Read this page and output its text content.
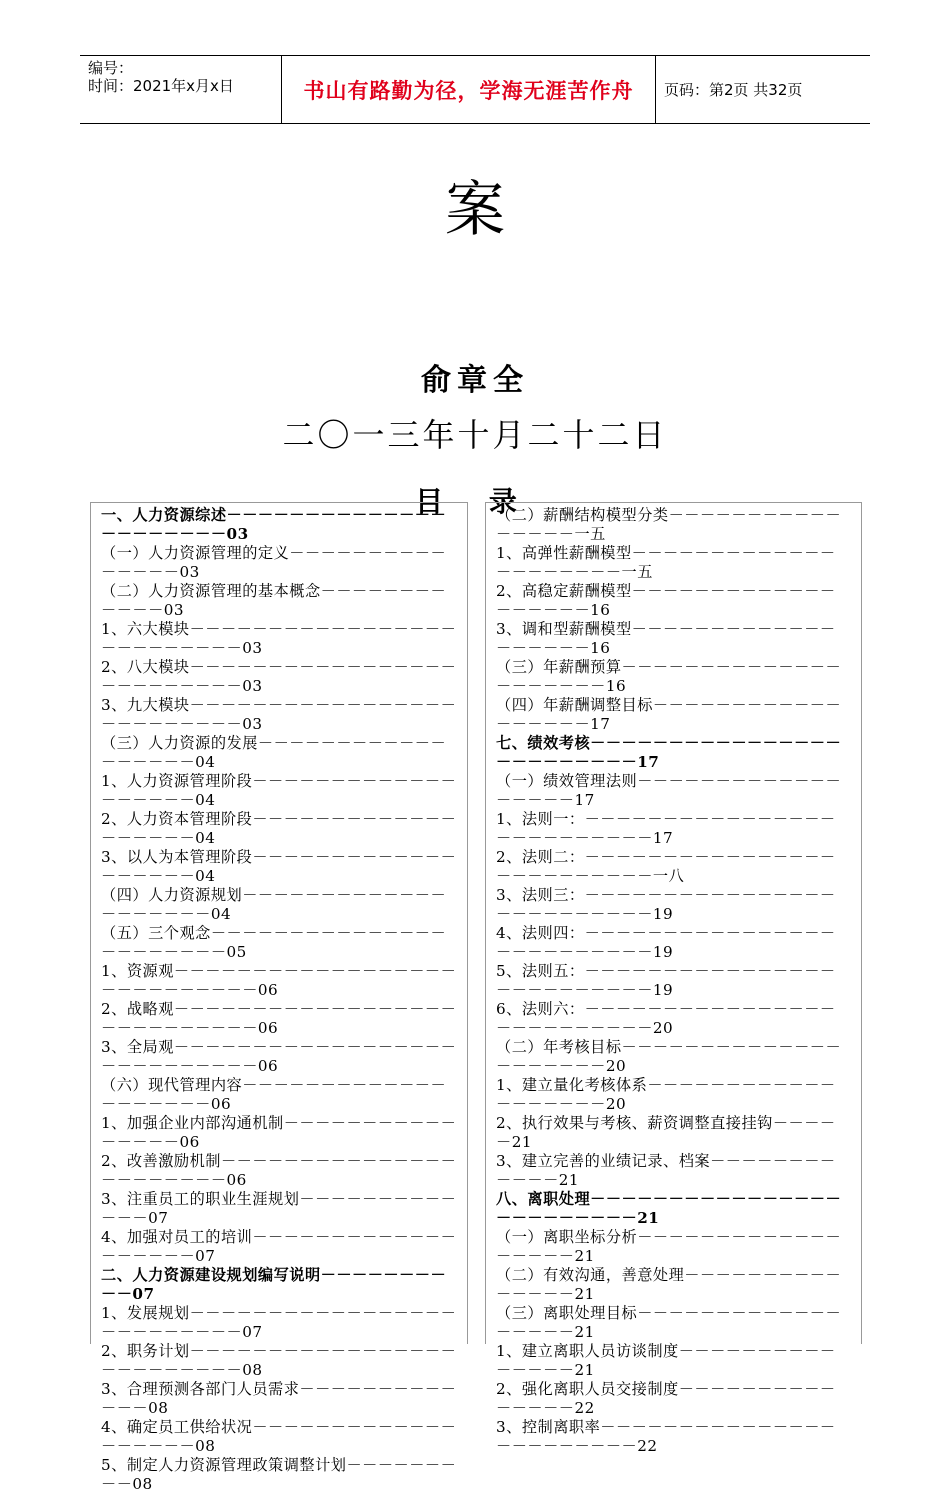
编号：
时间：2021年x月x日	书山有路勤为径，学海无涯苦作舟	页码：第2页 共32页
案
俞章全
二〇一三年十月二十二日
目 录
一、人力资源综述－－－－－－－－－－－－－－－－－－－－－－03
（一）人力资源管理的定义－－－－－－－－－－－－－－－03
（二）人力资源管理的基本概念－－－－－－－－－－－－03
1、六大模块－－－－－－－－－－－－－－－－－－－－－－－－－－03
2、八大模块－－－－－－－－－－－－－－－－－－－－－－－－－－03
3、九大模块－－－－－－－－－－－－－－－－－－－－－－－－－－03
（三）人力资源的发展－－－－－－－－－－－－－－－－－－04
1、人力资源管理阶段－－－－－－－－－－－－－－－－－－－04
2、人力资本管理阶段－－－－－－－－－－－－－－－－－－－04
3、以人为本管理阶段－－－－－－－－－－－－－－－－－－－04
（四）人力资源规划－－－－－－－－－－－－－－－－－－－－04
（五）三个观念－－－－－－－－－－－－－－－－－－－－－－－05
1、资源观－－－－－－－－－－－－－－－－－－－－－－－－－－－－06
2、战略观－－－－－－－－－－－－－－－－－－－－－－－－－－－－06
3、全局观－－－－－－－－－－－－－－－－－－－－－－－－－－－－06
（六）现代管理内容－－－－－－－－－－－－－－－－－－－－06
1、加强企业内部沟通机制－－－－－－－－－－－－－－－－06
2、改善激励机制－－－－－－－－－－－－－－－－－－－－－－－06
3、注重员工的职业生涯规划－－－－－－－－－－－－－07
4、加强对员工的培训－－－－－－－－－－－－－－－－－－－07
二、人力资源建设规划编写说明－－－－－－－－－－07
1、发展规划－－－－－－－－－－－－－－－－－－－－－－－－－－07
2、职务计划－－－－－－－－－－－－－－－－－－－－－－－－－－08
3、合理预测各部门人员需求－－－－－－－－－－－－－08
4、确定员工供给状况－－－－－－－－－－－－－－－－－－－08
5、制定人力资源管理政策调整计划－－－－－－－－－08
（二）薪酬结构模型分类－－－－－－－－－－－－－－－－一五
1、高弹性薪酬模型－－－－－－－－－－－－－－－－－－－－－一五
2、高稳定薪酬模型－－－－－－－－－－－－－－－－－－－16
3、调和型薪酬模型－－－－－－－－－－－－－－－－－－－16
（三）年薪酬预算－－－－－－－－－－－－－－－－－－－－－16
（四）年薪酬调整目标－－－－－－－－－－－－－－－－－－17
七、绩效考核－－－－－－－－－－－－－－－－－－－－－－－－－17
（一）绩效管理法则－－－－－－－－－－－－－－－－－－17
1、法则一：－－－－－－－－－－－－－－－－－－－－－－－－－－17
2、法则二：－－－－－－－－－－－－－－－－－－－－－－－－－－一八
3、法则三：－－－－－－－－－－－－－－－－－－－－－－－－－－19
4、法则四：－－－－－－－－－－－－－－－－－－－－－－－－－－19
5、法则五：－－－－－－－－－－－－－－－－－－－－－－－－－－19
6、法则六：－－－－－－－－－－－－－－－－－－－－－－－－－－20
（二）年考核目标－－－－－－－－－－－－－－－－－－－－－20
1、建立量化考核体系－－－－－－－－－－－－－－－－－－－20
2、执行效果与考核、薪资调整直接挂钩－－－－－21
3、建立完善的业绩记录、档案－－－－－－－－－－－－21
八、离职处理－－－－－－－－－－－－－－－－－－－－－－－－－21
（一）离职坐标分析－－－－－－－－－－－－－－－－－－21
（二）有效沟通，善意处理－－－－－－－－－－－－－－－21
（三）离职处理目标－－－－－－－－－－－－－－－－－－21
1、建立离职人员访谈制度－－－－－－－－－－－－－－－21
2、强化离职人员交接制度－－－－－－－－－－－－－－－22
3、控制离职率－－－－－－－－－－－－－－－－－－－－－－－－22
